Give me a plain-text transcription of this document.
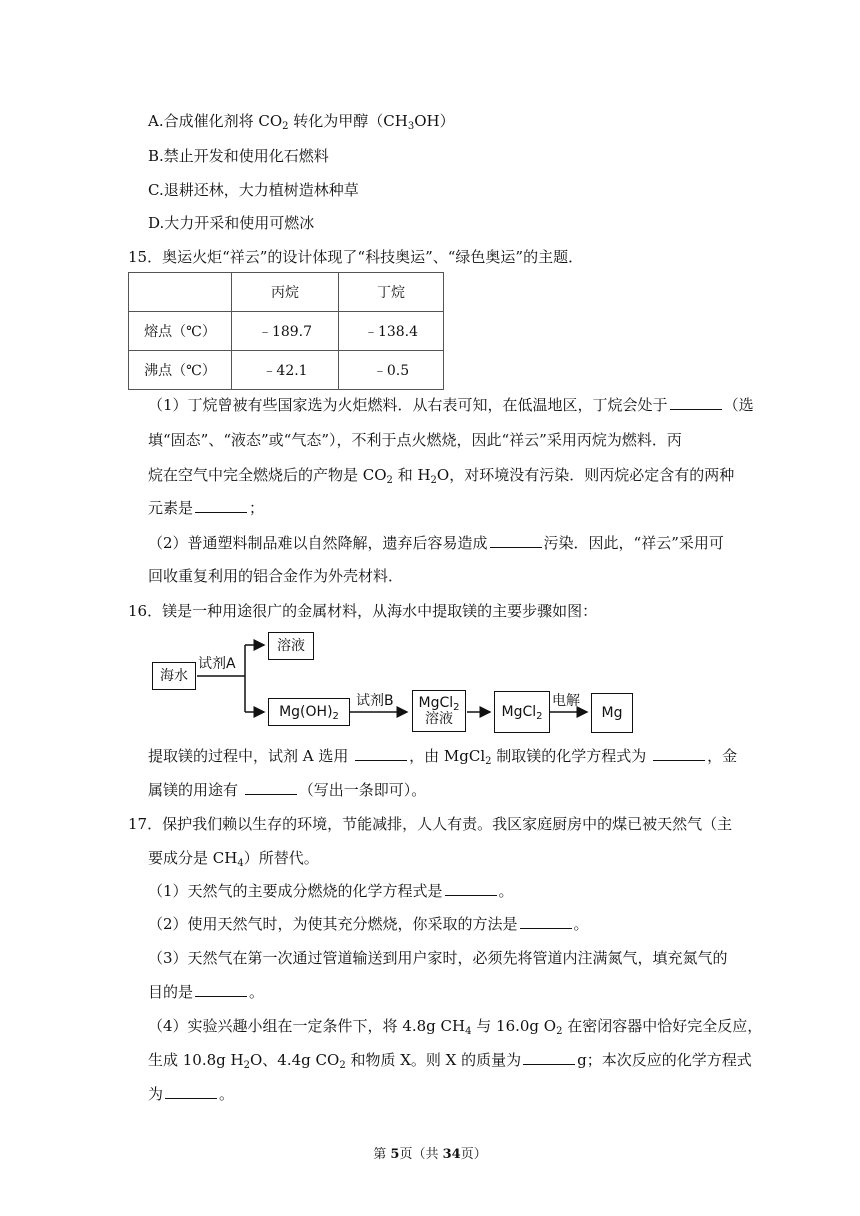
A.合成催化剂将 $CO_2$ 转化为甲醇$(CH_3OH)$
B.禁止开发和使用化石燃料
C.退耕还林，大力植树造林种草
D.大力开采和使用可燃冰
15．奥运火炬“祥云”的设计体现了“科技奥运”、“绿色奥运”的主题．
	丙烷	丁烷
熔点（℃）	﹣189.7	﹣138.4
沸点（℃）	﹣42.1	﹣0.5
（1）丁烷曾被有些国家选为火炬燃料．从右表可知，在低温地区，丁烷会处于	（选
填“固态”、“液态”或“气态”），不利于点火燃烧，因此“祥云”采用丙烷为燃料．丙
烷在空气中完全燃烧后的产物是 $CO_2$ 和 $H_2O$，对环境没有污染．则丙烷必定含有的两种
元素是	；
（2）普通塑料制品难以自然降解，遗弃后容易造成	污染．因此，“祥云”采用可
回收重复利用的铝合金作为外壳材料．
16．镁是一种用途很广的金属材料，从海水中提取镁的主要步骤如图：
海水
试剂A
溶液
$Mg(OH)_2$
试剂B MgCl$_2$
溶液	MgCl$_2$
电解
Mg
提取镁的过程中，试剂 A 选用	，由 MgCl$_2$ 制取镁的化学方程式为	，金
属镁的用途有	（写出一条即可）。
17．保护我们赖以生存的环境，节能减排，人人有责。我区家庭厨房中的煤已被天然气（主
要成分是 $CH_4$）所替代。
（1）天然气的主要成分燃烧的化学方程式是	。
（2）使用天然气时，为使其充分燃烧，你采取的方法是	。
（3）天然气在第一次通过管道输送到用户家时，必须先将管道内注满氮气，填充氮气的
目的是	。
（4）实验兴趣小组在一定条件下，将 4.8g $CH_4$ 与 16.0g $O_2$ 在密闭容器中恰好完全反应，
生成 10.8g $H_2O$、4.4g $CO_2$ 和物质 X。则 X 的质量为	g；本次反应的化学方程式
为	。
第 5页（共 34页）
